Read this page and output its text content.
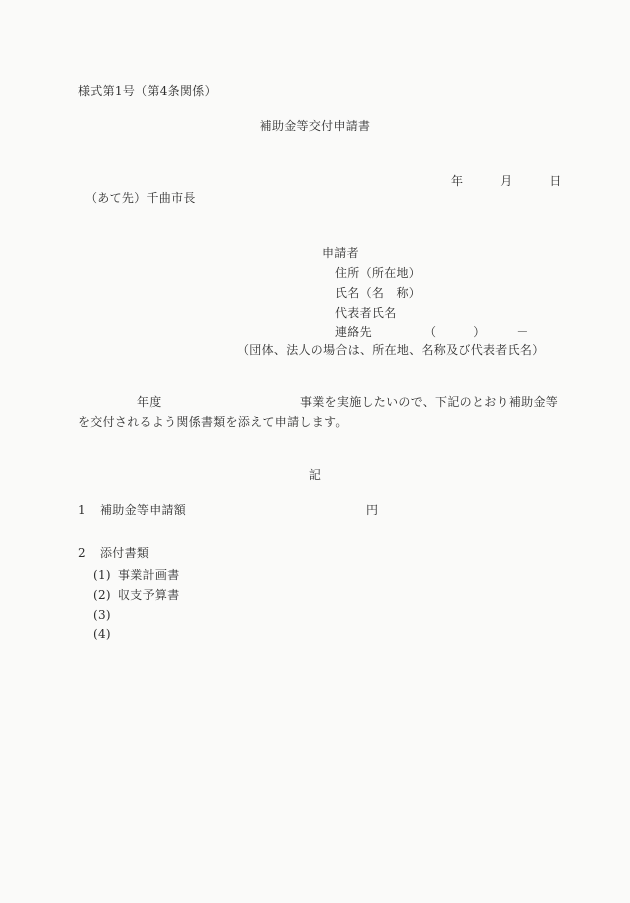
様式第1号（第4条関係）
補助金等交付申請書
年　　　月　　　日
（あて先）千曲市長
申請者
住所（所在地）
氏名（名　称）
代表者氏名
連絡先	（　　　）　　　－
（団体、法人の場合は、所在地、名称及び代表者氏名）
年度	事業を実施したいので、下記のとおり補助金等
を交付されるよう関係書類を添えて申請します。
記
1 補助金等申請額	円
2 添付書類
(1) 事業計画書
(2) 収支予算書
(3)
(4)
